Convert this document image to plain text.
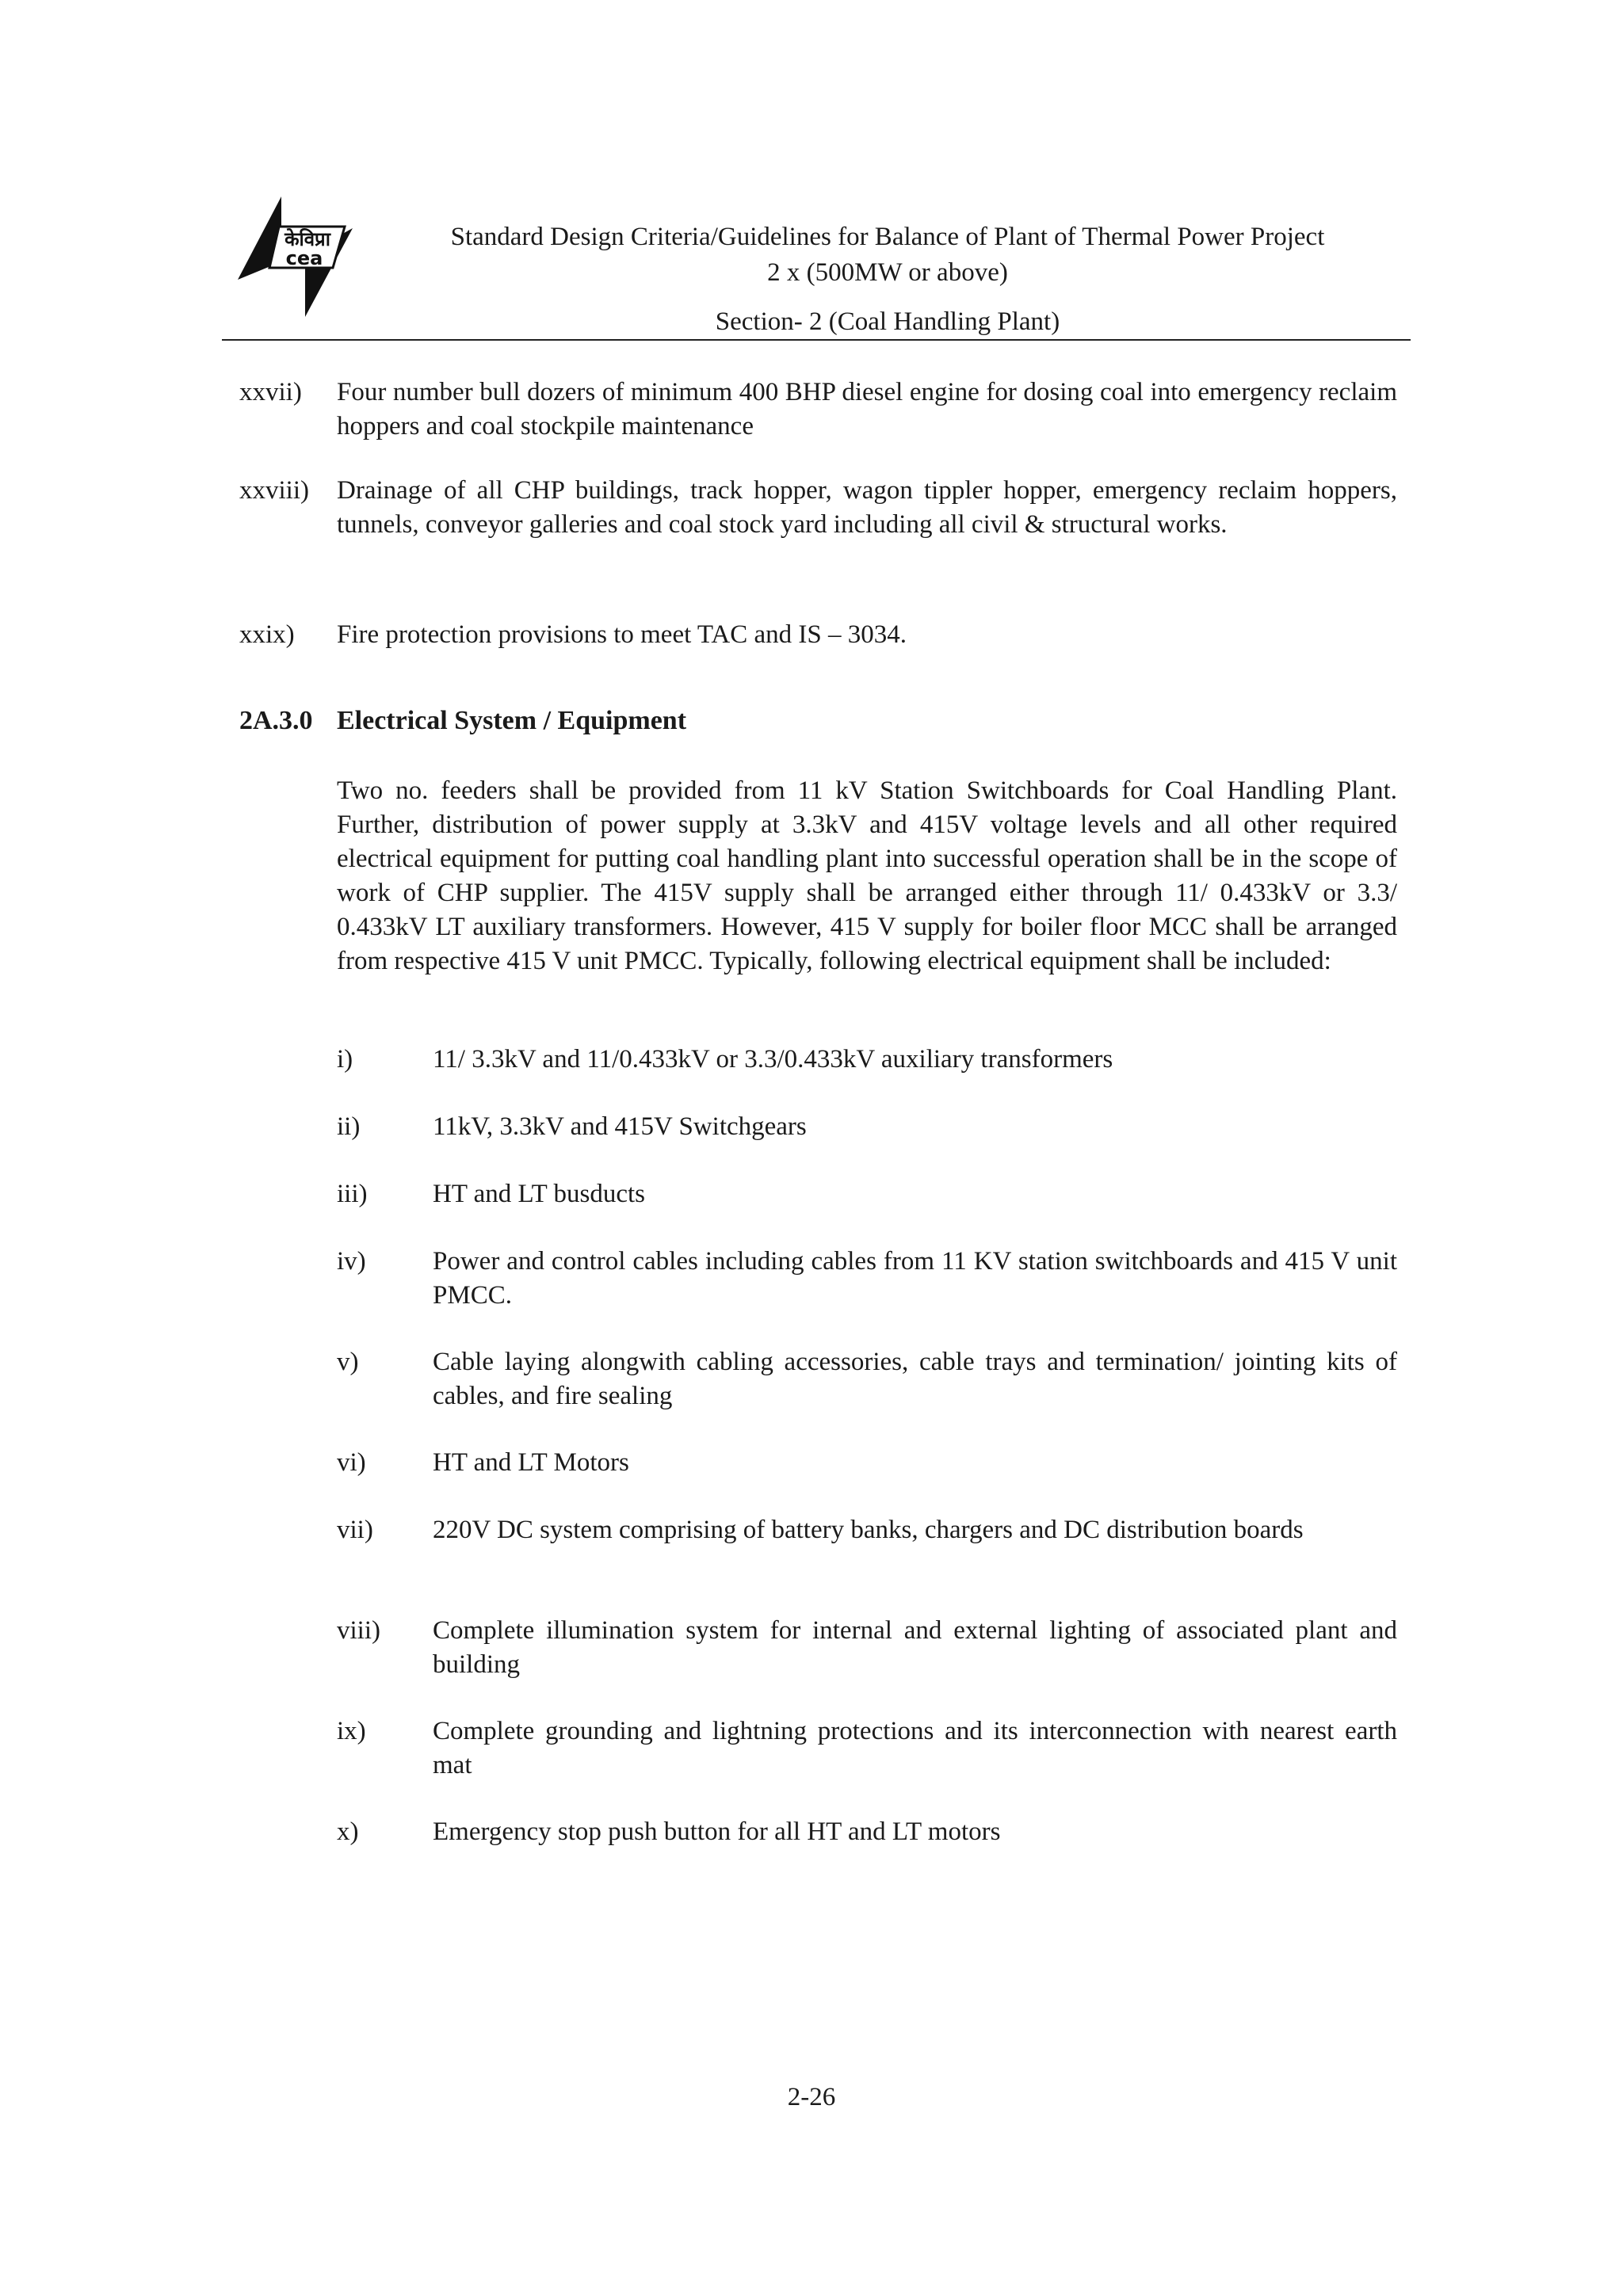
केविप्रा
cea
Standard Design Criteria/Guidelines for Balance of Plant of Thermal Power Project
2 x (500MW or above)
Section- 2 (Coal Handling Plant)
xxvii) Four number bull dozers of minimum 400 BHP diesel engine for dosing coal into emergency reclaim hoppers and coal stockpile maintenance
xxviii) Drainage of all CHP buildings, track hopper, wagon tippler hopper, emergency reclaim hoppers, tunnels, conveyor galleries and coal stock yard including all civil & structural works.
xxix) Fire protection provisions to meet TAC and IS – 3034.
2A.3.0 Electrical System / Equipment
Two no. feeders shall be provided from 11 kV Station Switchboards for Coal Handling Plant. Further, distribution of power supply at 3.3kV and 415V voltage levels and all other required electrical equipment for putting coal handling plant into successful operation shall be in the scope of work of CHP supplier. The 415V supply shall be arranged either through 11/ 0.433kV or 3.3/ 0.433kV LT auxiliary transformers. However, 415 V supply for boiler floor MCC shall be arranged from respective 415 V unit PMCC. Typically, following electrical equipment shall be included:
i)	11/ 3.3kV and 11/0.433kV or 3.3/0.433kV auxiliary transformers
ii)	11kV, 3.3kV and 415V Switchgears
iii)	HT and LT busducts
iv)	Power and control cables including cables from 11 KV station switchboards and 415 V unit PMCC.
v)	Cable laying alongwith cabling accessories, cable trays and termination/ jointing kits of cables, and fire sealing
vi)	HT and LT Motors
vii) 220V DC system comprising of battery banks, chargers and DC distribution boards
viii) Complete illumination system for internal and external lighting of associated plant and building
ix)	Complete grounding and lightning protections and its interconnection with nearest earth mat
x)	Emergency stop push button for all HT and LT motors
2-26
